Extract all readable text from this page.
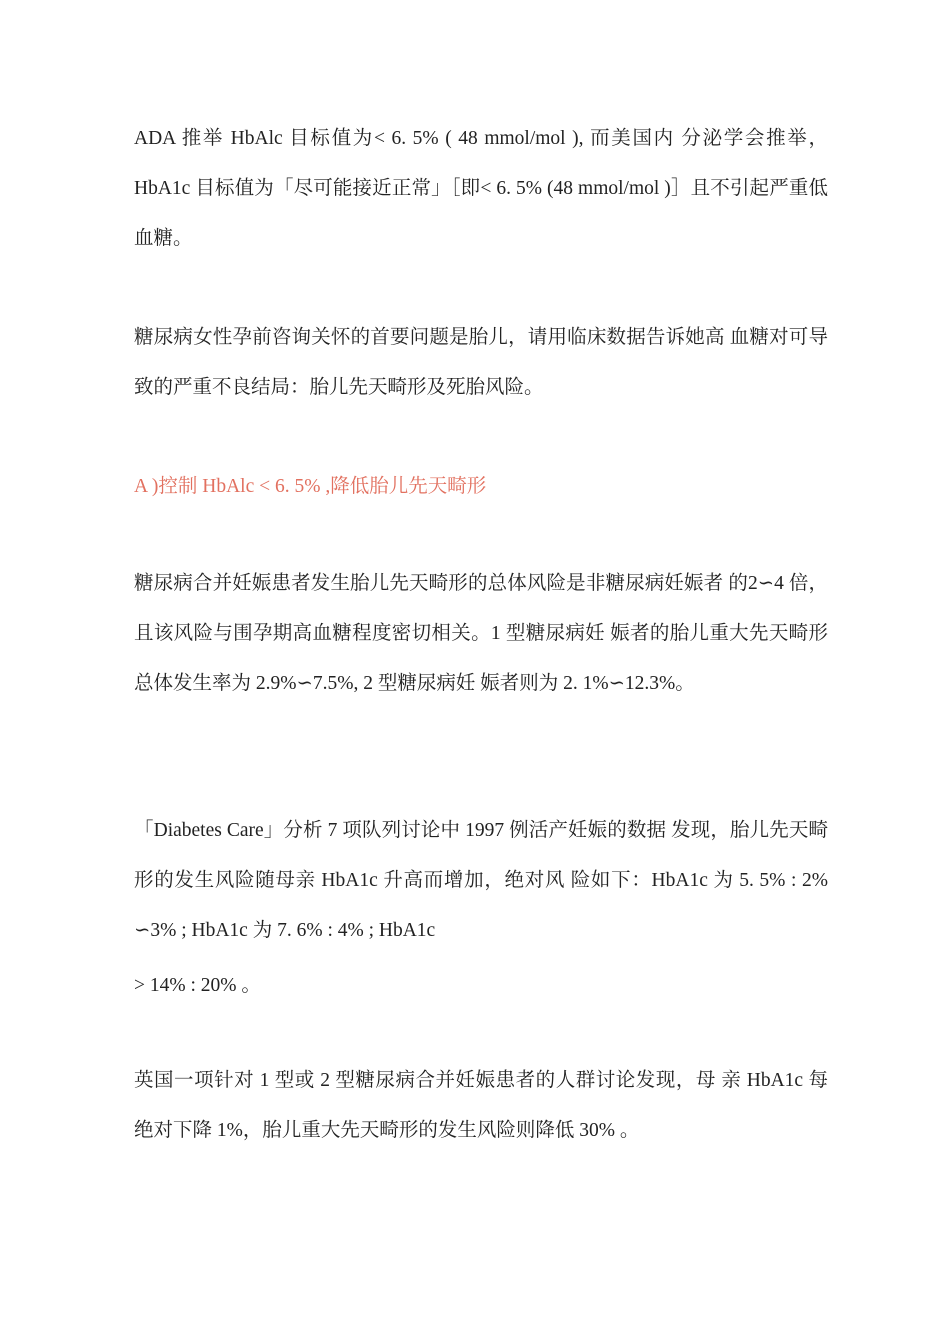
ADA 推举 HbAlc 目标值为< 6. 5% ( 48 mmol/mol ), 而美国内 分泌学会推举，HbA1c 目标值为「尽可能接近正常」［即< 6. 5% (48 mmol/mol )］且不引起严重低血糖。

糖尿病女性孕前咨询关怀的首要问题是胎儿，请用临床数据告诉她高 血糖对可导致的严重不良结局：胎儿先天畸形及死胎风险。

A )控制 HbAlc < 6. 5% ,降低胎儿先天畸形

糖尿病合并妊娠患者发生胎儿先天畸形的总体风险是非糖尿病妊娠者 的2∽4 倍，且该风险与围孕期高血糖程度密切相关。1 型糖尿病妊 娠者的胎儿重大先天畸形总体发生率为 2.9%∽7.5%, 2 型糖尿病妊 娠者则为 2. 1%∽12.3%。

「Diabetes Care」分析 7 项队列讨论中 1997 例活产妊娠的数据 发现，胎儿先天畸形的发生风险随母亲 HbA1c 升高而增加，绝对风 险如下：HbA1c 为 5. 5% : 2% ∽3% ; HbA1c 为 7. 6% : 4% ; HbA1c

> 14% : 20% 。

英国一项针对 1 型或 2 型糖尿病合并妊娠患者的人群讨论发现，母 亲 HbA1c 每绝对下降 1%，胎儿重大先天畸形的发生风险则降低 30% 。
